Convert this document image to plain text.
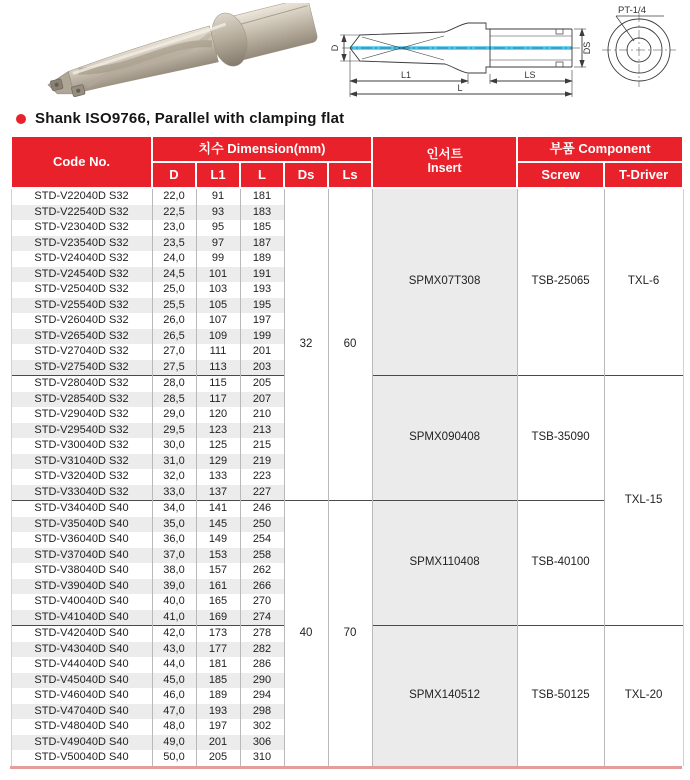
D
L1	LS
L
DS
PT-1/4
Shank ISO9766, Parallel with clamping flat
Code No.	치수 Dimension(mm)					인서트
Insert	부품 Component	
	D	L1	L	Ds	Ls		Screw	T-Driver
STD-V22040D S32	22,0	91	181	32	60	SPMX07T308	TSB-25065	TXL-6
STD-V22540D S32	22,5	93	183					
STD-V23040D S32	23,0	95	185					
STD-V23540D S32	23,5	97	187					
STD-V24040D S32	24,0	99	189					
STD-V24540D S32	24,5	101	191					
STD-V25040D S32	25,0	103	193					
STD-V25540D S32	25,5	105	195					
STD-V26040D S32	26,0	107	197					
STD-V26540D S32	26,5	109	199					
STD-V27040D S32	27,0	111	201					
STD-V27540D S32	27,5	113	203					
STD-V28040D S32	28,0	115	205			SPMX090408	TSB-35090	TXL-15
STD-V28540D S32	28,5	117	207					
STD-V29040D S32	29,0	120	210					
STD-V29540D S32	29,5	123	213					
STD-V30040D S32	30,0	125	215					
STD-V31040D S32	31,0	129	219					
STD-V32040D S32	32,0	133	223					
STD-V33040D S32	33,0	137	227					
STD-V34040D S40	34,0	141	246	40	70	SPMX110408	TSB-40100	
STD-V35040D S40	35,0	145	250					
STD-V36040D S40	36,0	149	254					
STD-V37040D S40	37,0	153	258					
STD-V38040D S40	38,0	157	262					
STD-V39040D S40	39,0	161	266					
STD-V40040D S40	40,0	165	270					
STD-V41040D S40	41,0	169	274					
STD-V42040D S40	42,0	173	278			SPMX140512	TSB-50125	TXL-20
STD-V43040D S40	43,0	177	282					
STD-V44040D S40	44,0	181	286					
STD-V45040D S40	45,0	185	290					
STD-V46040D S40	46,0	189	294					
STD-V47040D S40	47,0	193	298					
STD-V48040D S40	48,0	197	302					
STD-V49040D S40	49,0	201	306					
STD-V50040D S40	50,0	205	310					
